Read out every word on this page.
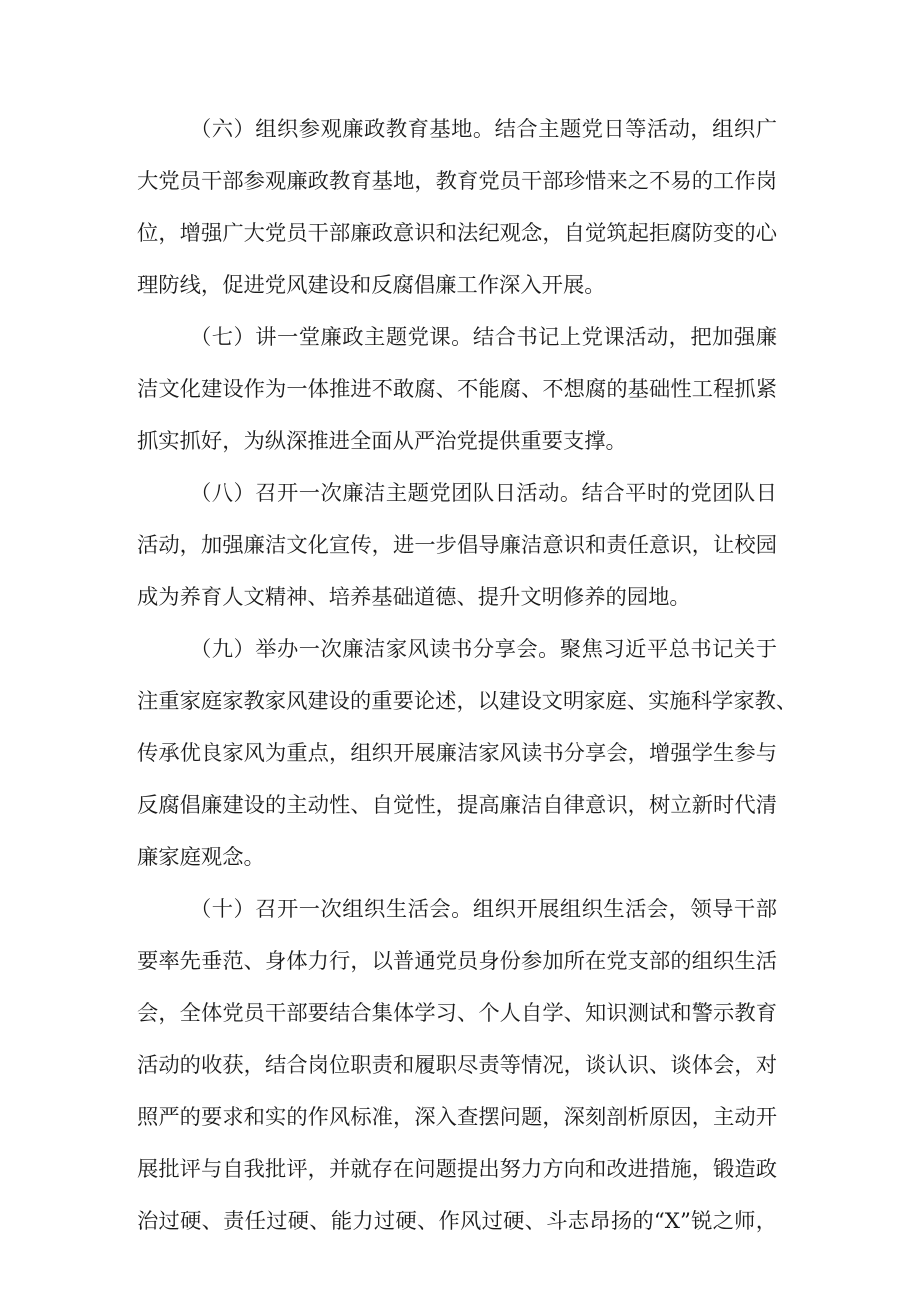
（六）组织参观廉政教育基地。结合主题党日等活动，组织广
大党员干部参观廉政教育基地，教育党员干部珍惜来之不易的工作岗
位，增强广大党员干部廉政意识和法纪观念，自觉筑起拒腐防变的心
理防线，促进党风建设和反腐倡廉工作深入开展。
（七）讲一堂廉政主题党课。结合书记上党课活动，把加强廉
洁文化建设作为一体推进不敢腐、不能腐、不想腐的基础性工程抓紧
抓实抓好，为纵深推进全面从严治党提供重要支撑。
（八）召开一次廉洁主题党团队日活动。结合平时的党团队日
活动，加强廉洁文化宣传，进一步倡导廉洁意识和责任意识，让校园
成为养育人文精神、培养基础道德、提升文明修养的园地。
（九）举办一次廉洁家风读书分享会。聚焦习近平总书记关于
注重家庭家教家风建设的重要论述，以建设文明家庭、实施科学家教、
传承优良家风为重点，组织开展廉洁家风读书分享会，增强学生参与
反腐倡廉建设的主动性、自觉性，提高廉洁自律意识，树立新时代清
廉家庭观念。
（十）召开一次组织生活会。组织开展组织生活会，领导干部
要率先垂范、身体力行，以普通党员身份参加所在党支部的组织生活
会，全体党员干部要结合集体学习、个人自学、知识测试和警示教育
活动的收获，结合岗位职责和履职尽责等情况，谈认识、谈体会，对
照严的要求和实的作风标准，深入查摆问题，深刻剖析原因，主动开
展批评与自我批评，并就存在问题提出努力方向和改进措施，锻造政
治过硬、责任过硬、能力过硬、作风过硬、斗志昂扬的“X”锐之师，
